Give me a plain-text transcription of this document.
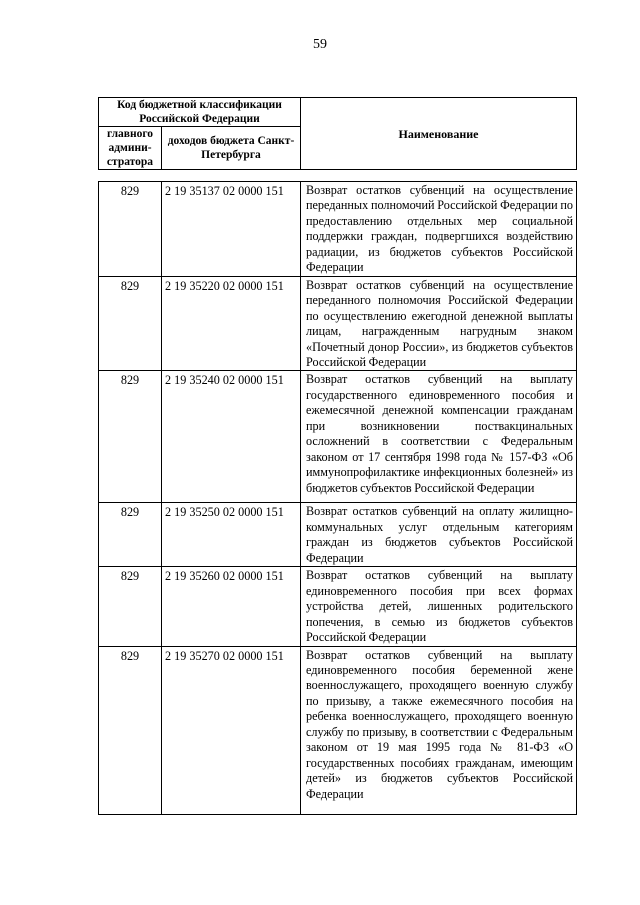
59
Код бюджетной классификации Российской Федерации		Наименование
главного админи-стратора	доходов бюджета Санкт-Петербурга	
829	2 19 35137 02 0000 151	Возврат остатков субвенций на осуществление переданных полномочий Российской Федерации по предоставлению отдельных мер социальной поддержки граждан, подвергшихся воздействию радиации, из бюджетов субъектов Российской Федерации
829	2 19 35220 02 0000 151	Возврат остатков субвенций на осуществление переданного полномочия Российской Федерации по осуществлению ежегодной денежной выплаты лицам, награжденным нагрудным знаком «Почетный донор России», из бюджетов субъектов Российской Федерации
829	2 19 35240 02 0000 151	Возврат остатков субвенций на выплату государственного единовременного пособия и ежемесячной денежной компенсации гражданам при возникновении поствакцинальных осложнений в соответствии с Федеральным законом от 17 сентября 1998 года № 157-ФЗ «Об иммунопрофилактике инфекционных болезней» из бюджетов субъектов Российской Федерации
829	2 19 35250 02 0000 151	Возврат остатков субвенций на оплату жилищно-коммунальных услуг отдельным категориям граждан из бюджетов субъектов Российской Федерации
829	2 19 35260 02 0000 151	Возврат остатков субвенций на выплату единовременного пособия при всех формах устройства детей, лишенных родительского попечения, в семью из бюджетов субъектов Российской Федерации
829	2 19 35270 02 0000 151	Возврат остатков субвенций на выплату единовременного пособия беременной жене военнослужащего, проходящего военную службу по призыву, а также ежемесячного пособия на ребенка военнослужащего, проходящего военную службу по призыву, в соответствии с Федеральным законом от 19 мая 1995 года № 81-ФЗ «О государственных пособиях гражданам, имеющим детей» из бюджетов субъектов Российской Федерации
